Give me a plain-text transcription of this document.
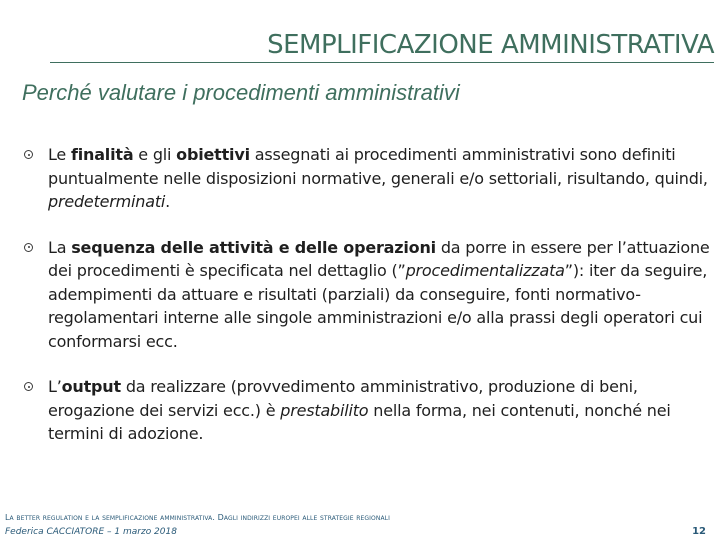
SEMPLIFICAZIONE AMMINISTRATIVA
Perché valutare i procedimenti amministrativi
Le finalità e gli obiettivi assegnati ai procedimenti amministrativi sono definiti puntualmente nelle disposizioni normative, generali e/o settoriali, risultando, quindi, predeterminati.
La sequenza delle attività e delle operazioni da porre in essere per l’attuazione dei procedimenti è specificata nel dettaglio (”procedimentalizzata”): iter da seguire, adempimenti da attuare e risultati (parziali) da conseguire, fonti normativo-regolamentari interne alle singole amministrazioni e/o alla prassi degli operatori cui conformarsi ecc.
L’output da realizzare (provvedimento amministrativo, produzione di beni, erogazione dei servizi ecc.) è prestabilito nella forma, nei contenuti, nonché nei termini di adozione.
La better regulation e la semplificazione amministrativa. Dagli indirizzi europei alle strategie regionali
Federica CACCIATORE – 1 marzo 2018	12
